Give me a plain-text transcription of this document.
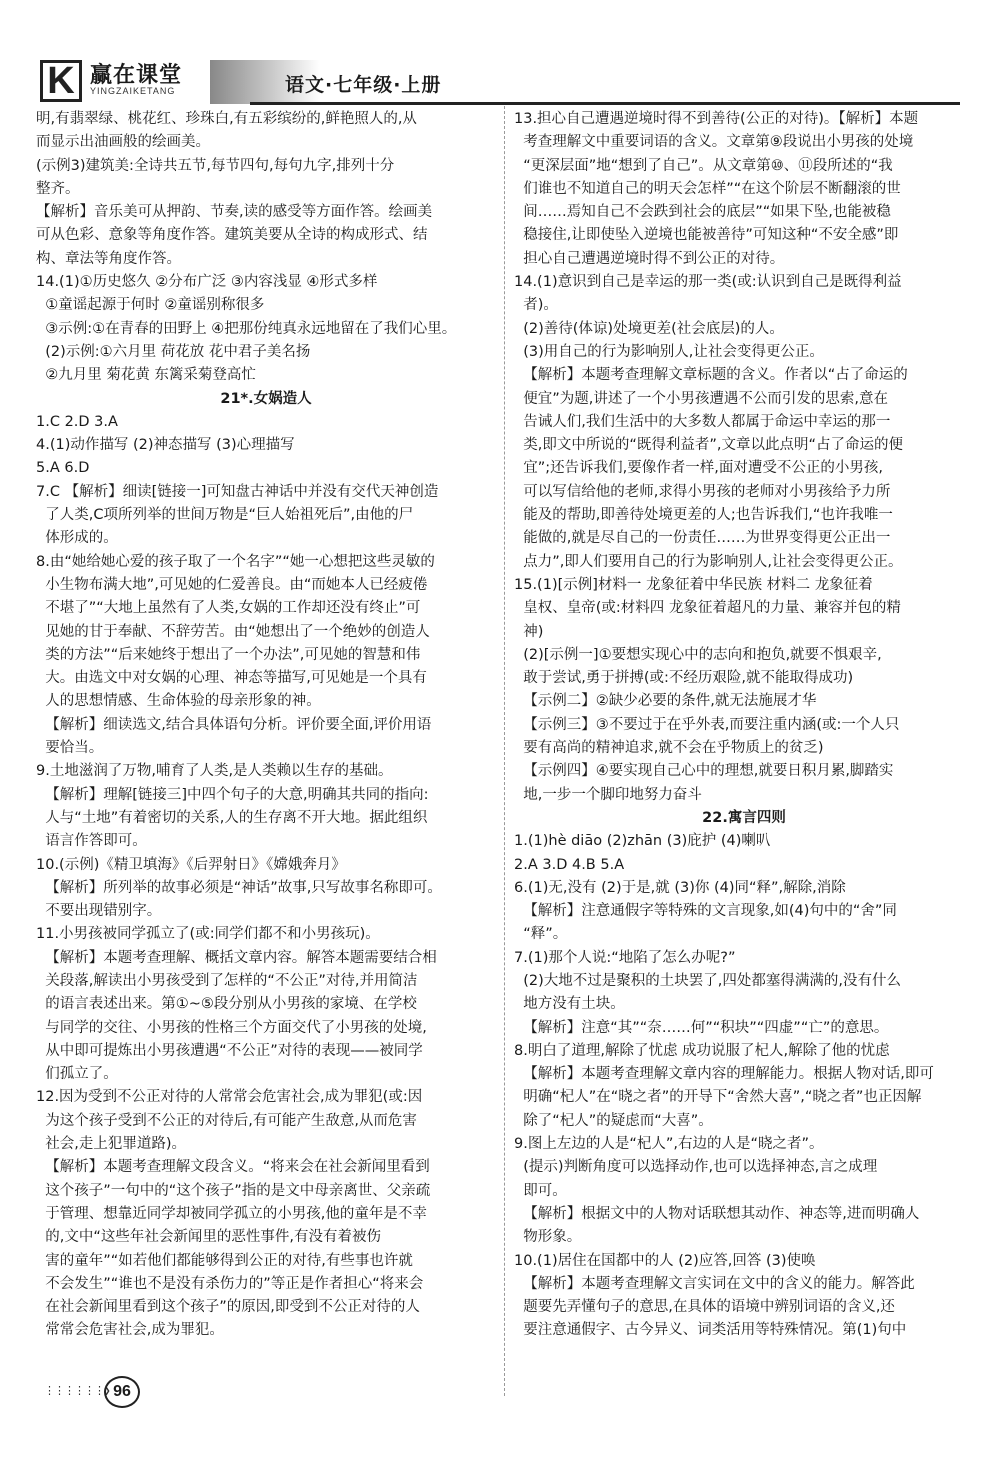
K 赢在课堂
YINGZAIKETANG	语文·七年级·上册
明,有翡翠绿、桃花红、珍珠白,有五彩缤纷的,鲜艳照人的,从
而显示出油画般的绘画美。
(示例3)建筑美:全诗共五节,每节四句,每句九字,排列十分
整齐。
【解析】音乐美可从押韵、节奏,读的感受等方面作答。绘画美
可从色彩、意象等角度作答。建筑美要从全诗的构成形式、结
构、章法等角度作答。
14.(1)①历史悠久 ②分布广泛 ③内容浅显 ④形式多样
①童谣起源于何时 ②童谣别称很多
③示例:①在青春的田野上 ④把那份纯真永远地留在了我们心里。
(2)示例:①六月里 荷花放 花中君子美名扬
②九月里 菊花黄 东篱采菊登高忙
21*.女娲造人
1.C 2.D 3.A
4.(1)动作描写 (2)神态描写 (3)心理描写
5.A 6.D
7.C 【解析】细读[链接一]可知盘古神话中并没有交代天神创造
了人类,C项所列举的世间万物是“巨人始祖死后”,由他的尸
体形成的。
8.由“她给她心爱的孩子取了一个名字”“她一心想把这些灵敏的
小生物布满大地”,可见她的仁爱善良。由“而她本人已经疲倦
不堪了”“大地上虽然有了人类,女娲的工作却还没有终止”可
见她的甘于奉献、不辞劳苦。由“她想出了一个绝妙的创造人
类的方法”“后来她终于想出了一个办法”,可见她的智慧和伟
大。由选文中对女娲的心理、神态等描写,可见她是一个具有
人的思想情感、生命体验的母亲形象的神。
【解析】细读选文,结合具体语句分析。评价要全面,评价用语
要恰当。
9.土地滋润了万物,哺育了人类,是人类赖以生存的基础。
【解析】理解[链接三]中四个句子的大意,明确其共同的指向:
人与“土地”有着密切的关系,人的生存离不开大地。据此组织
语言作答即可。
10.(示例)《精卫填海》《后羿射日》《嫦娥奔月》
【解析】所列举的故事必须是“神话”故事,只写故事名称即可。
不要出现错别字。
11.小男孩被同学孤立了(或:同学们都不和小男孩玩)。
【解析】本题考查理解、概括文章内容。解答本题需要结合相
关段落,解读出小男孩受到了怎样的“不公正”对待,并用简洁
的语言表述出来。第①~⑤段分别从小男孩的家境、在学校
与同学的交往、小男孩的性格三个方面交代了小男孩的处境,
从中即可提炼出小男孩遭遇“不公正”对待的表现——被同学
们孤立了。
12.因为受到不公正对待的人常常会危害社会,成为罪犯(或:因
为这个孩子受到不公正的对待后,有可能产生敌意,从而危害
社会,走上犯罪道路)。
【解析】本题考查理解文段含义。“将来会在社会新闻里看到
这个孩子”一句中的“这个孩子”指的是文中母亲离世、父亲疏
于管理、想靠近同学却被同学孤立的小男孩,他的童年是不幸
的,文中“这些年社会新闻里的恶性事件,有没有着被伤
害的童年”“如若他们都能够得到公正的对待,有些事也许就
不会发生”“谁也不是没有杀伤力的”等正是作者担心“将来会
在社会新闻里看到这个孩子”的原因,即受到不公正对待的人
常常会危害社会,成为罪犯。
13.担心自己遭遇逆境时得不到善待(公正的对待)。【解析】本题
考查理解文中重要词语的含义。文章第⑨段说出小男孩的处境
“更深层面”地“想到了自己”。从文章第⑩、⑪段所述的“我
们谁也不知道自己的明天会怎样”“在这个阶层不断翻滚的世
间……焉知自己不会跌到社会的底层”“如果下坠,也能被稳
稳接住,让即使坠入逆境也能被善待”可知这种“不安全感”即
担心自己遭遇逆境时得不到公正的对待。
14.(1)意识到自己是幸运的那一类(或:认识到自己是既得利益
者)。
(2)善待(体谅)处境更差(社会底层)的人。
(3)用自己的行为影响别人,让社会变得更公正。
【解析】本题考查理解文章标题的含义。作者以“占了命运的
便宜”为题,讲述了一个小男孩遭遇不公而引发的思索,意在
告诫人们,我们生活中的大多数人都属于命运中幸运的那一
类,即文中所说的“既得利益者”,文章以此点明“占了命运的便
宜”;还告诉我们,要像作者一样,面对遭受不公正的小男孩,
可以写信给他的老师,求得小男孩的老师对小男孩给予力所
能及的帮助,即善待处境更差的人;也告诉我们,“也许我唯一
能做的,就是尽自己的一份责任……为世界变得更公正出一
点力”,即人们要用自己的行为影响别人,让社会变得更公正。
15.(1)[示例]材料一 龙象征着中华民族 材料二 龙象征着
皇权、皇帝(或:材料四 龙象征着超凡的力量、兼容并包的精
神)
(2)[示例一]①要想实现心中的志向和抱负,就要不惧艰辛,
敢于尝试,勇于拼搏(或:不经历艰险,就不能取得成功)
【示例二】②缺少必要的条件,就无法施展才华
【示例三】③不要过于在乎外表,而要注重内涵(或:一个人只
要有高尚的精神追求,就不会在乎物质上的贫乏)
【示例四】④要实现自己心中的理想,就要日积月累,脚踏实
地,一步一个脚印地努力奋斗
22.寓言四则
1.(1)hè diāo (2)zhān (3)庇护 (4)喇叭
2.A 3.D 4.B 5.A
6.(1)无,没有 (2)于是,就 (3)你 (4)同“释”,解除,消除
【解析】注意通假字等特殊的文言现象,如(4)句中的“舍”同
“释”。
7.(1)那个人说:“地陷了怎么办呢?”
(2)大地不过是聚积的土块罢了,四处都塞得满满的,没有什么
地方没有土块。
【解析】注意“其”“奈……何”“积块”“四虚”“亡”的意思。
8.明白了道理,解除了忧虑 成功说服了杞人,解除了他的忧虑
【解析】本题考查理解文章内容的理解能力。根据人物对话,即可
明确“杞人”在“晓之者”的开导下“舍然大喜”,“晓之者”也正因解
除了“杞人”的疑虑而“大喜”。
9.图上左边的人是“杞人”,右边的人是“晓之者”。
(提示)判断角度可以选择动作,也可以选择神态,言之成理
即可。
【解析】根据文中的人物对话联想其动作、神态等,进而明确人
物形象。
10.(1)居住在国都中的人 (2)应答,回答 (3)使唤
【解析】本题考查理解文言实词在文中的含义的能力。解答此
题要先弄懂句子的意思,在具体的语境中辨别词语的含义,还
要注意通假字、古今异义、词类活用等特殊情况。第(1)句中
⋮⋮⋮⋮⋮⋮❯ 96
